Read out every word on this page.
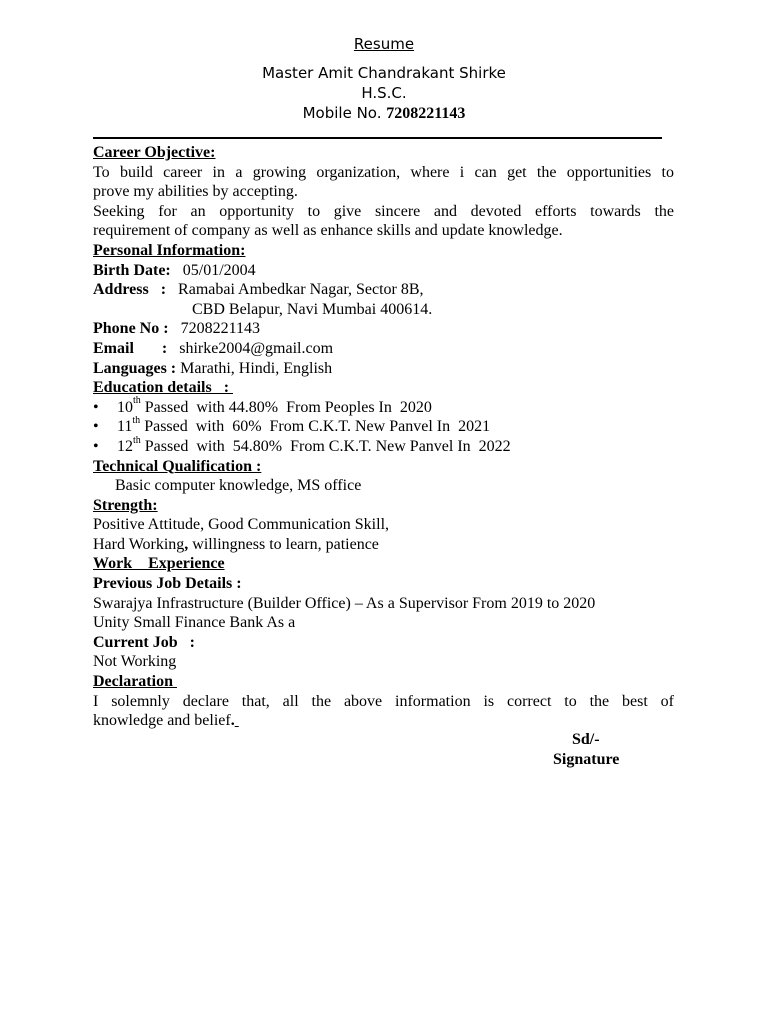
Resume
Master Amit Chandrakant Shirke
H.S.C.
Mobile No. 7208221143
Career Objective:
To build career in a growing organization, where i can get the opportunities to
prove my abilities by accepting.
Seeking for an opportunity to give sincere and devoted efforts towards the
requirement of company as well as enhance skills and update knowledge.
Personal Information:
Birth Date:   05/01/2004
Address   :   Ramabai Ambedkar Nagar, Sector 8B,
CBD Belapur, Navi Mumbai 400614.
Phone No :   7208221143
Email       :   shirke2004@gmail.com
Languages : Marathi, Hindi, English
Education details   :
• 10th Passed  with 44.80%  From Peoples In  2020
• 11th Passed  with  60%  From C.K.T. New Panvel In  2021
• 12th Passed  with  54.80%  From C.K.T. New Panvel In  2022
Technical Qualification :
Basic computer knowledge, MS office
Strength:
Positive Attitude, Good Communication Skill,
Hard Working, willingness to learn, patience
Work    Experience
Previous Job Details :
Swarajya Infrastructure (Builder Office) – As a Supervisor From 2019 to 2020
Unity Small Finance Bank As a
Current Job   :
Not Working
Declaration
I solemnly declare that, all the above information is correct to the best of
knowledge and belief.
Sd/-
Signature
